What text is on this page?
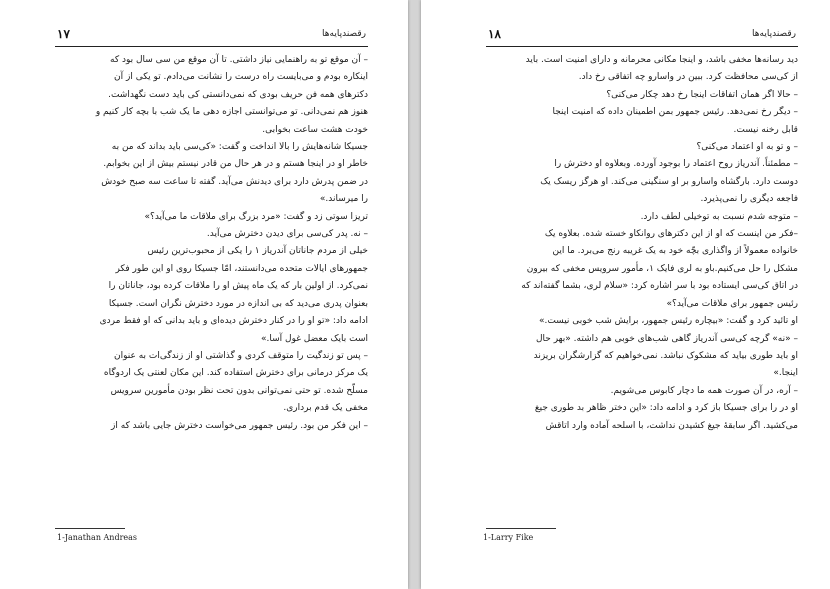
۱۷	رقصندپایه‌ها

– آن موقع تو به راهنمایی نیاز داشتی. تا آن موقع من سی سال بود که

اینکاره بودم و می‌بایست راه درست را نشانت می‌دادم. تو یکی از آن

دکترهای همه فن حریف بودی که نمی‌دانستی کی باید دست نگهداشت.

هنوز هم نمی‌دانی. تو می‌توانستی اجازه دهی ما یک شب با بچه کار کنیم و

خودت هشت ساعت بخوابی.

جسیکا شانه‌هایش را بالا انداخت و گفت: «کی‌سی باید بداند که من به

خاطر او در اینجا هستم و در هر حال من قادر نیستم بیش از این بخوابم.

در ضمن پدرش دارد برای دیدنش می‌آید. گفته تا ساعت سه صبح خودش

را میرساند.»

تریزا سوتی زد و گفت: «مرد بزرگ برای ملاقات ما می‌آید؟»

– نه. پدر کی‌سی برای دیدن دخترش می‌آید.

خیلی از مردم جاناتان آندریاز ۱ را یکی از محبوب‌ترین رئیس

جمهورهای ایالات متحده می‌دانستند، امّا جسیکا روی او این طور فکر

نمی‌کرد. از اولین بار که یک ماه پیش او را ملاقات کرده بود، جاناتان را

بعنوان پدری می‌دید که بی اندازه در مورد دخترش نگران است. جسیکا

ادامه داد: «تو او را در کنار دخترش دیده‌ای و باید بدانی که او فقط مردی

است بایک معضل غول آسا.»

– پس تو زندگیت را متوقف کردی و گذاشتی او از زندگی‌ات به عنوان

یک مرکز درمانی برای دخترش استفاده کند. این مکان لعنتی یک اردوگاه

مسلّح شده. تو حتی نمی‌توانی بدون تحت نظر بودن مأمورین سرویس

مخفی یک قدم برداری.

– این فکر من بود. رئیس جمهور می‌خواست دخترش جایی باشد که از

1-Janathan Andreas
۱۸	رقصندپایه‌ها

دید رسانه‌ها مخفی باشد، و اینجا مکانی محرمانه و دارای امنیت است. باید

از کی‌سی محافظت کرد. ببین در واسارو چه اتفاقی رخ داد.

– حالا اگر همان اتفاقات اینجا رخ دهد چکار می‌کنی؟

– دیگر رخ نمی‌دهد. رئیس جمهور بمن اطمینان داده که امنیت اینجا

قابل رخنه نیست.

– و تو به او اعتماد می‌کنی؟

– مطمئناً. آندریاز روح اعتماد را بوجود آورده. وبعلاوه او دخترش را

دوست دارد. بارگشاه واسارو بر او سنگینی می‌کند. او هرگز ریسک یک

فاجعه دیگری را نمی‌پذیرد.

– متوجه شدم نسبت به توخیلی لطف دارد.

–فکر من اینست که او از این دکترهای روانکاو خسته شده. بعلاوه یک

خانواده معمولاً از واگذاری بچّه خود به یک غریبه رنج می‌برد. ما این

مشکل را حل می‌کنیم.باو به لری فایک ۱، مأمور سرویس مخفی که بیرون

در اتاق کی‌سی ایستاده بود با سر اشاره کرد: «سلام لری، بشما گفته‌اند که

رئیس جمهور برای ملاقات می‌آید؟»

او تائید کرد و گفت: «بیچاره رئیس جمهور، برایش شب خوبی نیست.»

– «نه» گرچه کی‌سی آندریاز گاهی شب‌های خوبی هم داشته. «بهر حال

او باید طوری بیاید که مشکوک نباشد. نمی‌خواهیم که گزارشگران بریزند

اینجا.»

– آره، در آن صورت همه ما دچار کابوس می‌شویم.

او در را برای جسیکا باز کرد و ادامه داد: «این دختر ظاهر بد طوری جیغ

می‌کشید. اگر سابقهٔ جیغ کشیدن نداشت، با اسلحه آماده وارد اتاقش

1-Larry Fike
